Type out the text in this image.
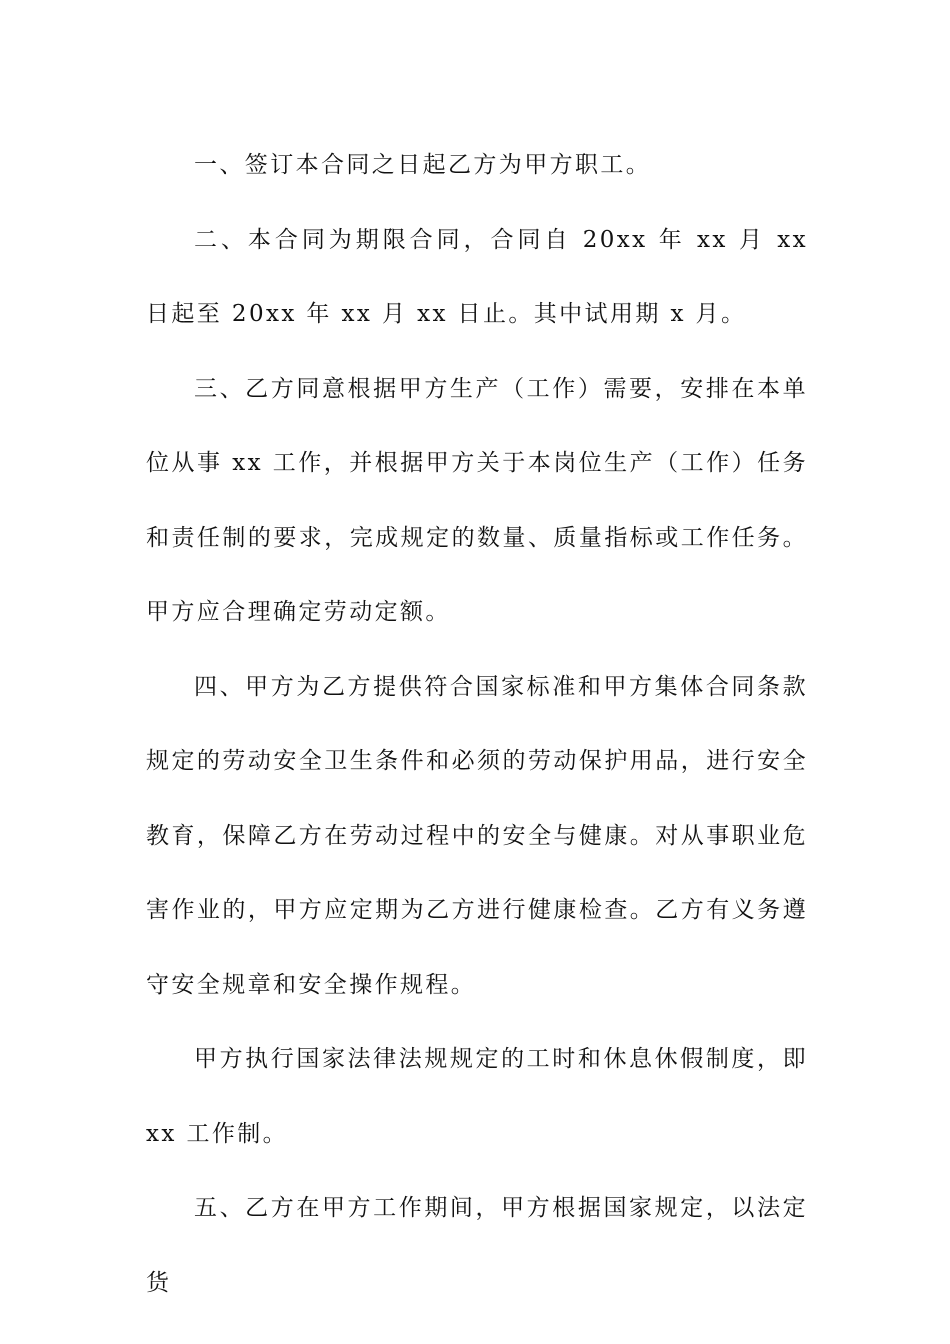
一、签订本合同之日起乙方为甲方职工。

二、本合同为期限合同，合同自 20xx 年 xx 月 xx 日起至 20xx 年 xx 月 xx 日止。其中试用期 x 月。

三、乙方同意根据甲方生产（工作）需要，安排在本单位从事 xx 工作，并根据甲方关于本岗位生产（工作）任务和责任制的要求，完成规定的数量、质量指标或工作任务。甲方应合理确定劳动定额。

四、甲方为乙方提供符合国家标准和甲方集体合同条款规定的劳动安全卫生条件和必须的劳动保护用品，进行安全教育，保障乙方在劳动过程中的安全与健康。对从事职业危害作业的，甲方应定期为乙方进行健康检查。乙方有义务遵守安全规章和安全操作规程。

甲方执行国家法律法规规定的工时和休息休假制度，即 xx 工作制。

五、乙方在甲方工作期间，甲方根据国家规定，以法定货
